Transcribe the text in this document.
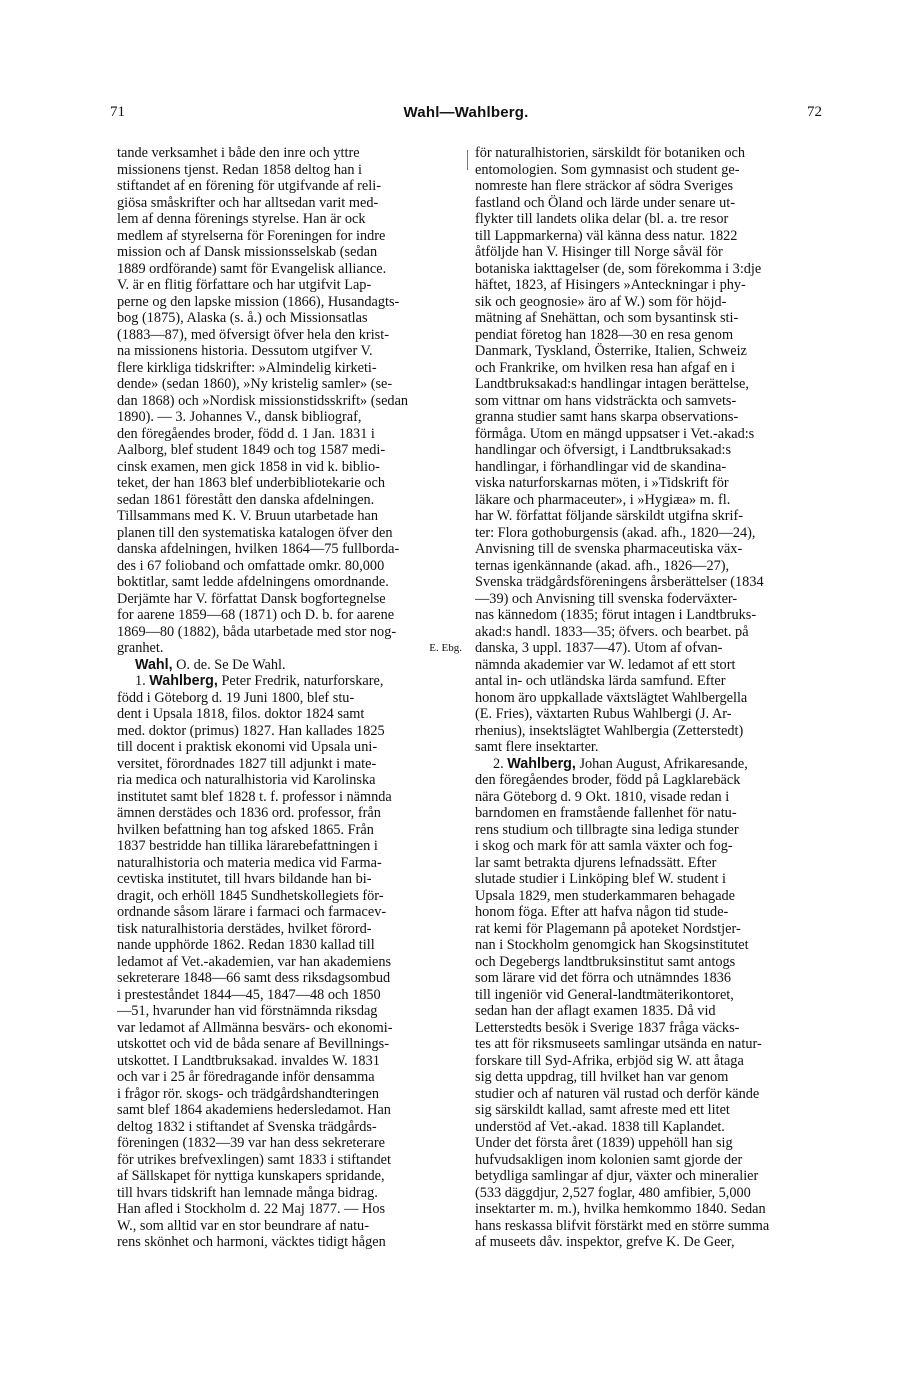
71	Wahl—Wahlberg.	72
tande verksamhet i både den inre och yttre
missionens tjenst. Redan 1858 deltog han i
stiftandet af en förening för utgifvande af reli-
giösa småskrifter och har alltsedan varit med-
lem af denna förenings styrelse. Han är ock
medlem af styrelserna för Foreningen for indre
mission och af Dansk missionsselskab (sedan
1889 ordförande) samt för Evangelisk alliance.
V. är en flitig författare och har utgifvit Lap-
perne og den lapske mission (1866), Husandagts-
bog (1875), Alaska (s. å.) och Missionsatlas
(1883—87), med öfversigt öfver hela den krist-
na missionens historia. Dessutom utgifver V.
flere kirkliga tidskrifter: »Almindelig kirketi-
dende» (sedan 1860), »Ny kristelig samler» (se-
dan 1868) och »Nordisk missionstidsskrift» (sedan
1890). — 3. Johannes V., dansk bibliograf,
den föregåendes broder, född d. 1 Jan. 1831 i
Aalborg, blef student 1849 och tog 1587 medi-
cinsk examen, men gick 1858 in vid k. biblio-
teket, der han 1863 blef underbibliotekarie och
sedan 1861 förestått den danska afdelningen.
Tillsammans med K. V. Bruun utarbetade han
planen till den systematiska katalogen öfver den
danska afdelningen, hvilken 1864—75 fullborda-
des i 67 folioband och omfattade omkr. 80,000
boktitlar, samt ledde afdelningens omordnande.
Derjämte har V. författat Dansk bogfortegnelse
for aarene 1859—68 (1871) och D. b. for aarene
1869—80 (1882), båda utarbetade med stor nog-
granhet.	E. Ebg.
Wahl, O. de. Se De Wahl.
1. Wahlberg, Peter Fredrik, naturforskare,
född i Göteborg d. 19 Juni 1800, blef stu-
dent i Upsala 1818, filos. doktor 1824 samt
med. doktor (primus) 1827. Han kallades 1825
till docent i praktisk ekonomi vid Upsala uni-
versitet, förordnades 1827 till adjunkt i mate-
ria medica och naturalhistoria vid Karolinska
institutet samt blef 1828 t. f. professor i nämnda
ämnen derstädes och 1836 ord. professor, från
hvilken befattning han tog afsked 1865. Från
1837 bestridde han tillika lärarebefattningen i
naturalhistoria och materia medica vid Farma-
cevtiska institutet, till hvars bildande han bi-
dragit, och erhöll 1845 Sundhetskollegiets för-
ordnande såsom lärare i farmaci och farmacev-
tisk naturalhistoria derstädes, hvilket förord-
nande upphörde 1862. Redan 1830 kallad till
ledamot af Vet.-akademien, var han akademiens
sekreterare 1848—66 samt dess riksdagsombud
i presteståndet 1844—45, 1847—48 och 1850
—51, hvarunder han vid förstnämnda riksdag
var ledamot af Allmänna besvärs- och ekonomi-
utskottet och vid de båda senare af Bevillnings-
utskottet. I Landtbruksakad. invaldes W. 1831
och var i 25 år föredragande inför densamma
i frågor rör. skogs- och trädgårdshandteringen
samt blef 1864 akademiens hedersledamot. Han
deltog 1832 i stiftandet af Svenska trädgårds-
föreningen (1832—39 var han dess sekreterare
för utrikes brefvexlingen) samt 1833 i stiftandet
af Sällskapet för nyttiga kunskapers spridande,
till hvars tidskrift han lemnade många bidrag.
Han afled i Stockholm d. 22 Maj 1877. — Hos
W., som alltid var en stor beundrare af natu-
rens skönhet och harmoni, väcktes tidigt hågen
för naturalhistorien, särskildt för botaniken och
entomologien. Som gymnasist och student ge-
nomreste han flere sträckor af södra Sveriges
fastland och Öland och lärde under senare ut-
flykter till landets olika delar (bl. a. tre resor
till Lappmarkerna) väl känna dess natur. 1822
åtföljde han V. Hisinger till Norge såväl för
botaniska iakttagelser (de, som förekomma i 3:dje
häftet, 1823, af Hisingers »Anteckningar i phy-
sik och geognosie» äro af W.) som för höjd-
mätning af Snehättan, och som bysantinsk sti-
pendiat företog han 1828—30 en resa genom
Danmark, Tyskland, Österrike, Italien, Schweiz
och Frankrike, om hvilken resa han afgaf en i
Landtbruksakad:s handlingar intagen berättelse,
som vittnar om hans vidsträckta och samvets-
granna studier samt hans skarpa observations-
förmåga. Utom en mängd uppsatser i Vet.-akad:s
handlingar och öfversigt, i Landtbruksakad:s
handlingar, i förhandlingar vid de skandina-
viska naturforskarnas möten, i »Tidskrift för
läkare och pharmaceuter», i »Hygiæa» m. fl.
har W. författat följande särskildt utgifna skrif-
ter: Flora gothoburgensis (akad. afh., 1820—24),
Anvisning till de svenska pharmaceutiska väx-
ternas igenkännande (akad. afh., 1826—27),
Svenska trädgårdsföreningens årsberättelser (1834
—39) och Anvisning till svenska foderväxter-
nas kännedom (1835; förut intagen i Landtbruks-
akad:s handl. 1833—35; öfvers. och bearbet. på
danska, 3 uppl. 1837—47). Utom af ofvan-
nämnda akademier var W. ledamot af ett stort
antal in- och utländska lärda samfund. Efter
honom äro uppkallade växtslägtet Wahlbergella
(E. Fries), växtarten Rubus Wahlbergi (J. Ar-
rhenius), insektslägtet Wahlbergia (Zetterstedt)
samt flere insektarter.
2. Wahlberg, Johan August, Afrikaresande,
den föregåendes broder, född på Lagklarebäck
nära Göteborg d. 9 Okt. 1810, visade redan i
barndomen en framstående fallenhet för natu-
rens studium och tillbragte sina lediga stunder
i skog och mark för att samla växter och fog-
lar samt betrakta djurens lefnadssätt. Efter
slutade studier i Linköping blef W. student i
Upsala 1829, men studerkammaren behagade
honom föga. Efter att hafva någon tid stude-
rat kemi för Plagemann på apoteket Nordstjer-
nan i Stockholm genomgick han Skogsinstitutet
och Degebergs landtbruksinstitut samt antogs
som lärare vid det förra och utnämndes 1836
till ingeniör vid General-landtmäterikontoret,
sedan han der aflagt examen 1835. Då vid
Letterstedts besök i Sverige 1837 fråga väcks-
tes att för riksmuseets samlingar utsända en natur-
forskare till Syd-Afrika, erbjöd sig W. att åtaga
sig detta uppdrag, till hvilket han var genom
studier och af naturen väl rustad och derför kände
sig särskildt kallad, samt afreste med ett litet
understöd af Vet.-akad. 1838 till Kaplandet.
Under det första året (1839) uppehöll han sig
hufvudsakligen inom kolonien samt gjorde der
betydliga samlingar af djur, växter och mineralier
(533 däggdjur, 2,527 foglar, 480 amfibier, 5,000
insektarter m. m.), hvilka hemkommo 1840. Sedan
hans reskassa blifvit förstärkt med en större summa
af museets dåv. inspektor, grefve K. De Geer,
